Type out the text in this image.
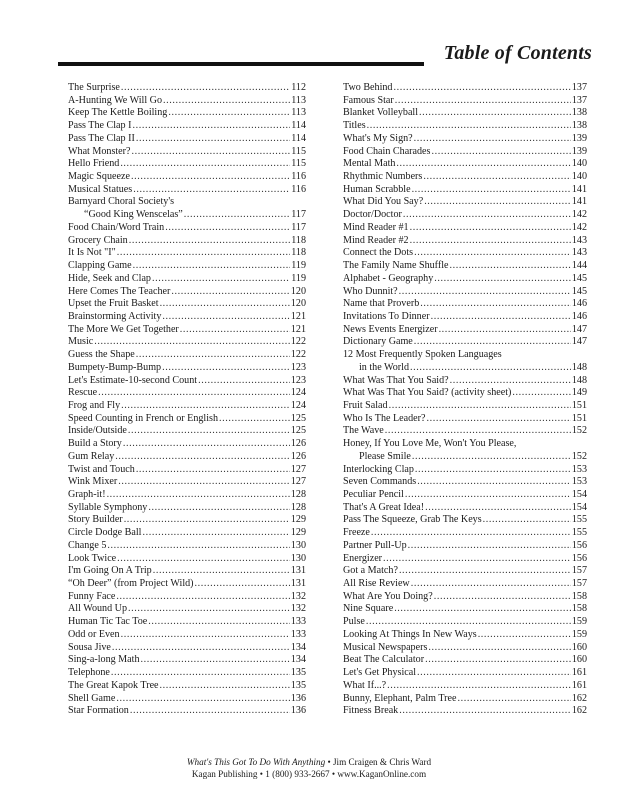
Table of Contents
The Surprise .....	112
A-Hunting We Will Go .....	113
Keep The Kettle Boiling .....	113
Pass The Clap I .....	114
Pass The Clap II .....	114
What Monster? .....	115
Hello Friend .....	115
Magic Squeeze .....	116
Musical Statues .....	116
Barnyard Choral Society's
“Good King Wenscelas” .....	117
Food Chain/Word Train .....	117
Grocery Chain .....	118
It Is Not "I" .....	118
Clapping Game .....	119
Hide, Seek and Clap .....	119
Here Comes The Teacher .....	120
Upset the Fruit Basket .....	120
Brainstorming Activity .....	121
The More We Get Together .....	121
Music .....	122
Guess the Shape .....	122
Bumpety-Bump-Bump .....	123
Let's Estimate-10-second Count .....	123
Rescue .....	124
Frog and Fly .....	124
Speed Counting in French or English .....	125
Inside/Outside .....	125
Build a Story .....	126
Gum Relay .....	126
Twist and Touch .....	127
Wink Mixer .....	127
Graph-it! .....	128
Syllable Symphony .....	128
Story Builder .....	129
Circle Dodge Ball .....	129
Change 5 .....	130
Look Twice .....	130
I'm Going On A Trip .....	131
“Oh Deer” (from Project Wild) .....	131
Funny Face .....	132
All Wound Up .....	132
Human Tic Tac Toe .....	133
Odd or Even .....	133
Sousa Jive .....	134
Sing-a-long Math .....	134
Telephone .....	135
The Great Kapok Tree .....	135
Shell Game .....	136
Star Formation .....	136
Two Behind .....	137
Famous Star .....	137
Blanket Volleyball .....	138
Titles .....	138
What's My Sign? .....	139
Food Chain Charades .....	139
Mental Math .....	140
Rhythmic Numbers .....	140
Human Scrabble .....	141
What Did You Say? .....	141
Doctor/Doctor .....	142
Mind Reader #1 .....	142
Mind Reader #2 .....	143
Connect the Dots .....	143
The Family Name Shuffle .....	144
Alphabet - Geography .....	145
Who Dunnit? .....	145
Name that Proverb .....	146
Invitations To Dinner .....	146
News Events Energizer .....	147
Dictionary Game .....	147
12 Most Frequently Spoken Languages
in the World .....	148
What Was That You Said? .....	148
What Was That You Said? (activity sheet) .....	149
Fruit Salad .....	151
Who Is The Leader? .....	151
The Wave .....	152
Honey, If You Love Me, Won't You Please,
Please Smile .....	152
Interlocking Clap .....	153
Seven Commands .....	153
Peculiar Pencil .....	154
That's A Great Idea! .....	154
Pass The Squeeze, Grab The Keys .....	155
Freeze .....	155
Partner Pull-Up .....	156
Energizer .....	156
Got a Match? .....	157
All Rise Review .....	157
What Are You Doing? .....	158
Nine Square .....	158
Pulse .....	159
Looking At Things In New Ways .....	159
Musical Newspapers .....	160
Beat The Calculator .....	160
Let's Get Physical .....	161
What If...? .....	161
Bunny, Elephant, Palm Tree .....	162
Fitness Break .....	162
What's This Got To Do With Anything • Jim Craigen & Chris Ward
Kagan Publishing • 1 (800) 933-2667 • www.KaganOnline.com
